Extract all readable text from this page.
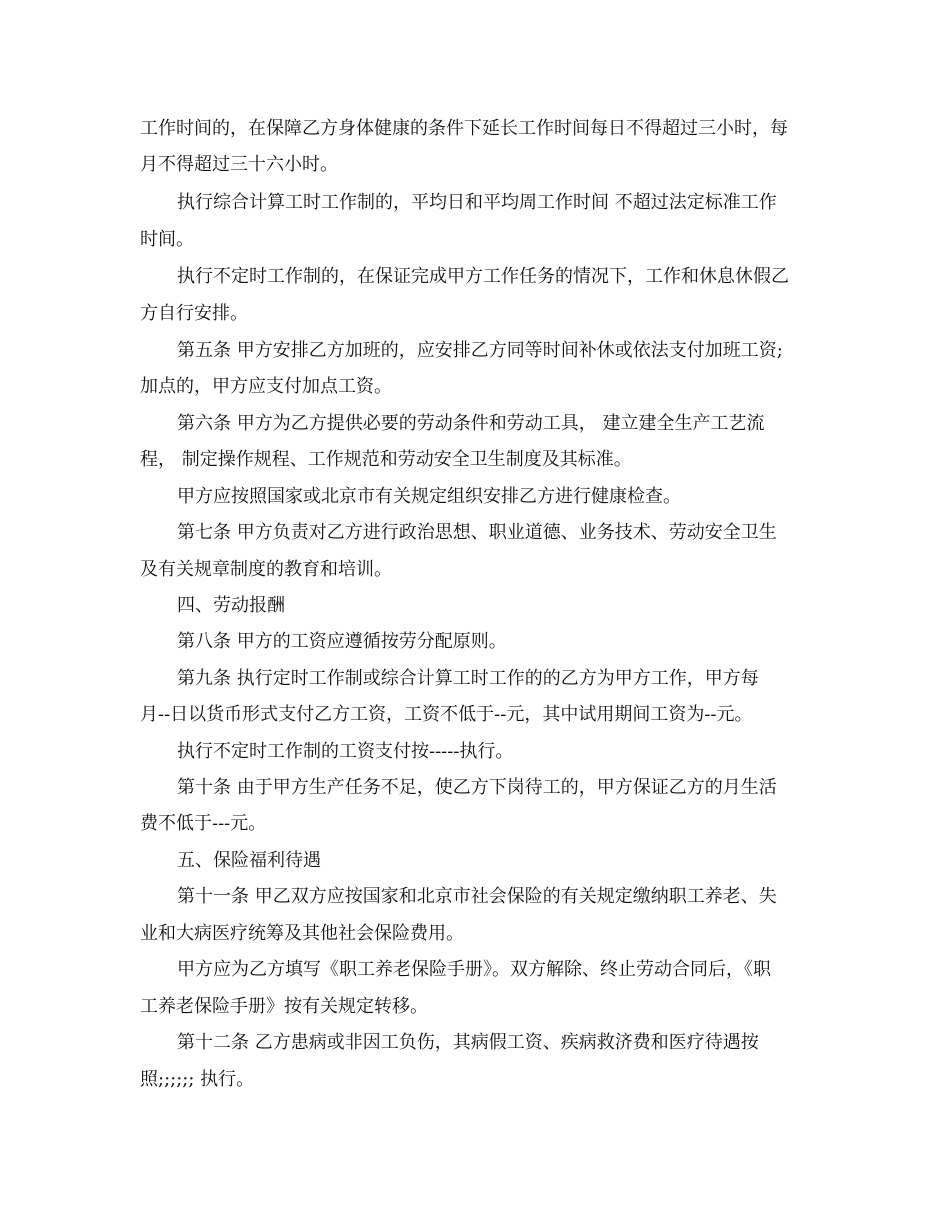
工作时间的，在保障乙方身体健康的条件下延长工作时间每日不得超过三小时，每

月不得超过三十六小时。

执行综合计算工时工作制的，平均日和平均周工作时间 不超过法定标准工作

时间。

执行不定时工作制的，在保证完成甲方工作任务的情况下，工作和休息休假乙

方自行安排。

第五条 甲方安排乙方加班的，应安排乙方同等时间补休或依法支付加班工资;

加点的，甲方应支付加点工资。

第六条 甲方为乙方提供必要的劳动条件和劳动工具， 建立建全生产工艺流

程， 制定操作规程、工作规范和劳动安全卫生制度及其标准。

甲方应按照国家或北京市有关规定组织安排乙方进行健康检查。

第七条 甲方负责对乙方进行政治思想、职业道德、业务技术、劳动安全卫生

及有关规章制度的教育和培训。

四、劳动报酬

第八条 甲方的工资应遵循按劳分配原则。

第九条 执行定时工作制或综合计算工时工作的的乙方为甲方工作，甲方每

月--日以货币形式支付乙方工资，工资不低于--元，其中试用期间工资为--元。

执行不定时工作制的工资支付按-----执行。

第十条 由于甲方生产任务不足，使乙方下岗待工的，甲方保证乙方的月生活

费不低于---元。

五、保险福利待遇

第十一条 甲乙双方应按国家和北京市社会保险的有关规定缴纳职工养老、失

业和大病医疗统筹及其他社会保险费用。

甲方应为乙方填写《职工养老保险手册》。双方解除、终止劳动合同后，《职

工养老保险手册》按有关规定转移。

第十二条 乙方患病或非因工负伤，其病假工资、疾病救济费和医疗待遇按

照;;;;;; 执行。
